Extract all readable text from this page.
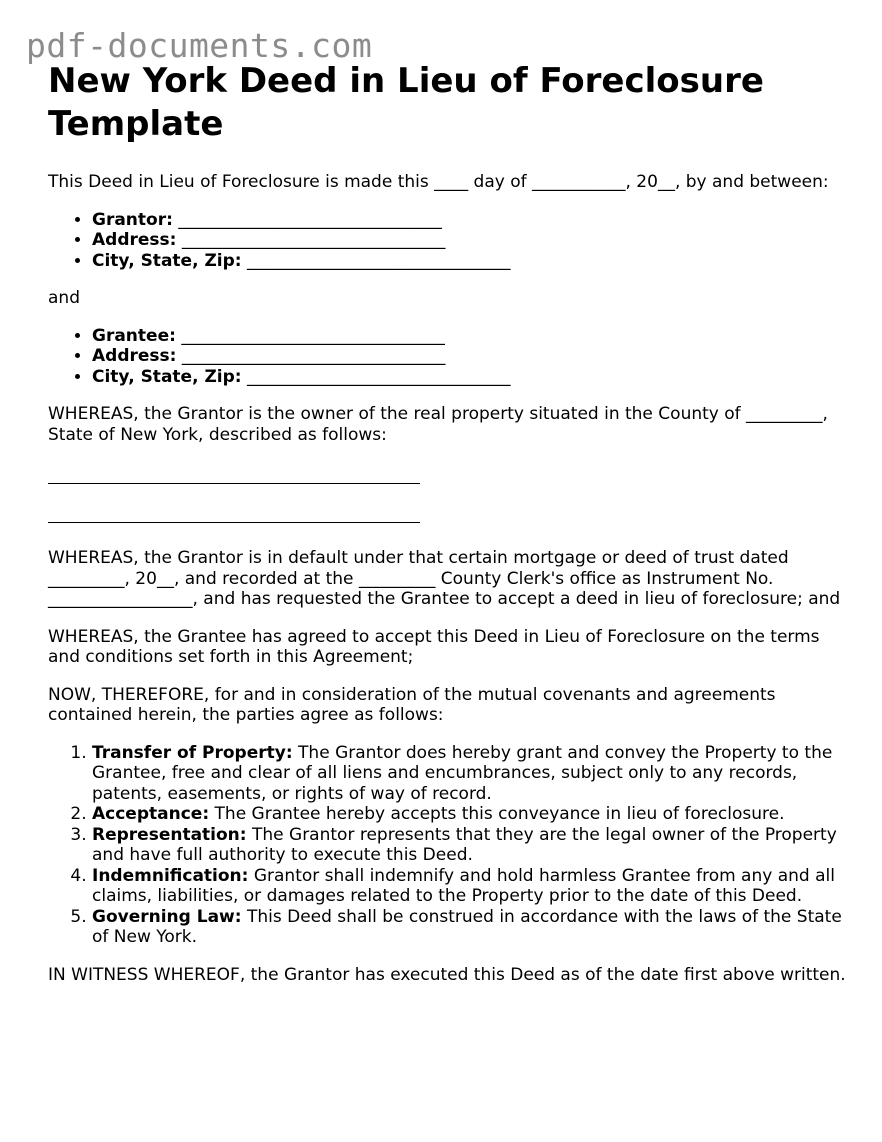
pdf-documents.com
New York Deed in Lieu of Foreclosure Template

This Deed in Lieu of Foreclosure is made this ____ day of ___________, 20__, by and between:

• Grantor: _______________________________
• Address: _______________________________
• City, State, Zip: _______________________________

and

• Grantee: _______________________________
• Address: _______________________________
• City, State, Zip: _______________________________

WHEREAS, the Grantor is the owner of the real property situated in the County of _________, State of New York, described as follows:

WHEREAS, the Grantor is in default under that certain mortgage or deed of trust dated _________, 20__, and recorded at the _________ County Clerk's office as Instrument No. _________________, and has requested the Grantee to accept a deed in lieu of foreclosure; and

WHEREAS, the Grantee has agreed to accept this Deed in Lieu of Foreclosure on the terms and conditions set forth in this Agreement;

NOW, THEREFORE, for and in consideration of the mutual covenants and agreements contained herein, the parties agree as follows:

1. Transfer of Property: The Grantor does hereby grant and convey the Property to the Grantee, free and clear of all liens and encumbrances, subject only to any records, patents, easements, or rights of way of record.
2. Acceptance: The Grantee hereby accepts this conveyance in lieu of foreclosure.
3. Representation: The Grantor represents that they are the legal owner of the Property and have full authority to execute this Deed.
4. Indemnification: Grantor shall indemnify and hold harmless Grantee from any and all claims, liabilities, or damages related to the Property prior to the date of this Deed.
5. Governing Law: This Deed shall be construed in accordance with the laws of the State of New York.

IN WITNESS WHEREOF, the Grantor has executed this Deed as of the date first above written.
